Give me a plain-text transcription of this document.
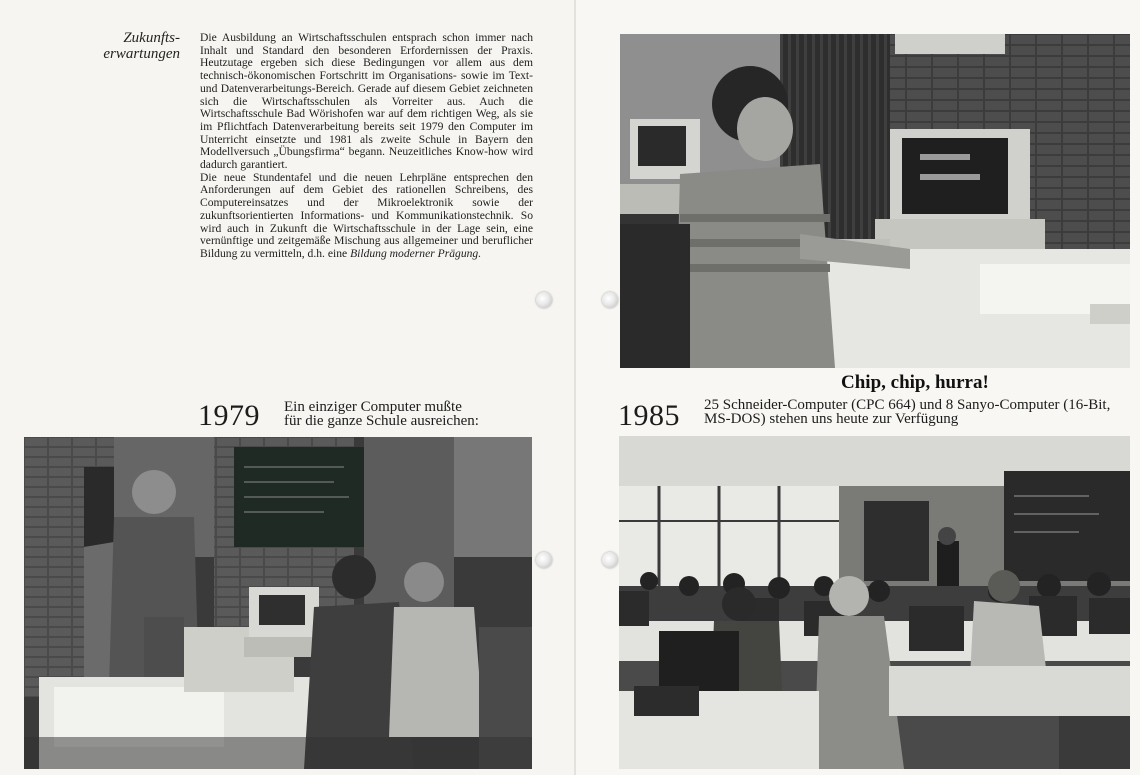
Zukunfts-
erwartungen

Die Ausbildung an Wirtschaftsschulen entsprach schon immer nach Inhalt und Standard den besonderen Erfordernissen der Praxis. Heutzutage ergeben sich diese Bedingungen vor allem aus dem technisch-ökonomischen Fortschritt im Organisations- sowie im Text- und Datenverarbeitungs-Bereich. Gerade auf diesem Gebiet zeichneten sich die Wirtschaftsschulen als Vorreiter aus. Auch die Wirtschaftsschule Bad Wörishofen war auf dem richtigen Weg, als sie im Pflichtfach Datenverarbeitung bereits seit 1979 den Computer im Unterricht einsetzte und 1981 als zweite Schule in Bayern den Modellversuch „Übungsfirma“ begann. Neuzeitliches Know-how wird dadurch garantiert.

Die neue Stundentafel und die neuen Lehrpläne entsprechen den Anforderungen auf dem Gebiet des rationellen Schreibens, des Computereinsatzes und der Mikroelektronik sowie der zukunftsorientierten Informations- und Kommunikationstechnik. So wird auch in Zukunft die Wirtschaftsschule in der Lage sein, eine vernünftige und zeitgemäße Mischung aus allgemeiner und beruflicher Bildung zu vermitteln, d.h. eine Bildung moderner Prägung.

1979 Ein einziger Computer mußte
für die ganze Schule ausreichen:
Chip, chip, hurra!
1985 25 Schneider-Computer (CPC 664) und 8 Sanyo-Computer (16-Bit,
MS-DOS) stehen uns heute zur Verfügung
